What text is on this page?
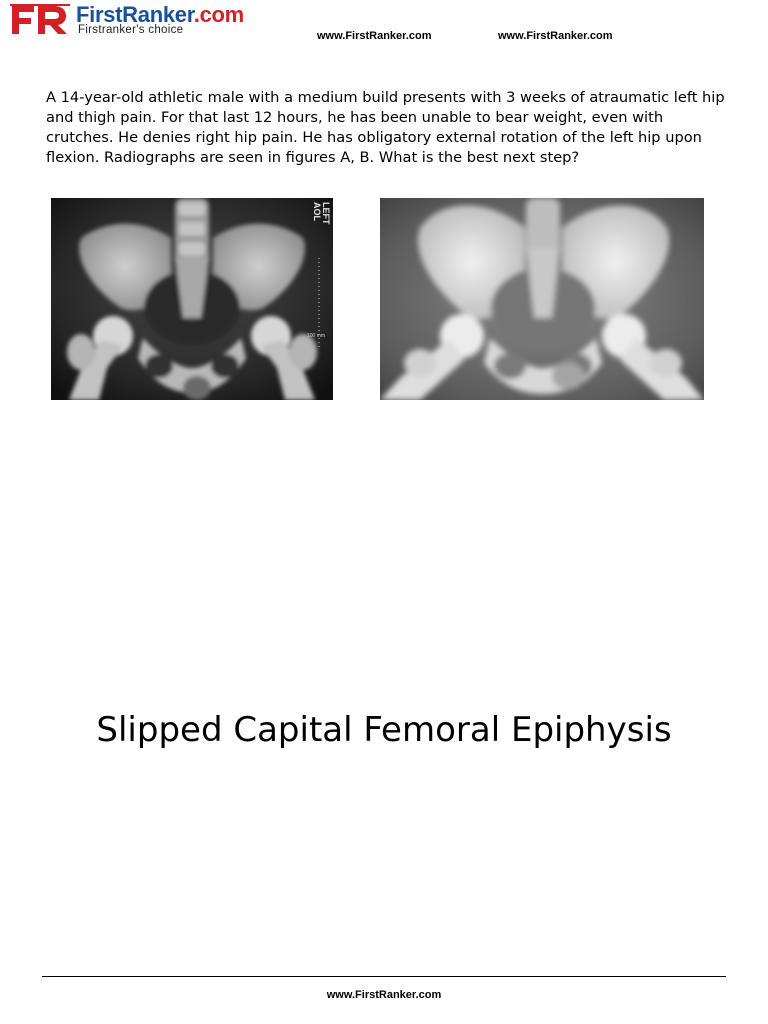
FirstRanker.com
Firstranker's choice	www.FirstRanker.com	www.FirstRanker.com
A 14-year-old athletic male with a medium build presents with 3 weeks of atraumatic left hip and thigh pain. For that last 12 hours, he has been unable to bear weight, even with crutches. He denies right hip pain. He has obligatory external rotation of the left hip upon flexion. Radiographs are seen in figures A, B. What is the best next step?
LEFT
AOL
100 mm
Slipped Capital Femoral Epiphysis
www.FirstRanker.com
